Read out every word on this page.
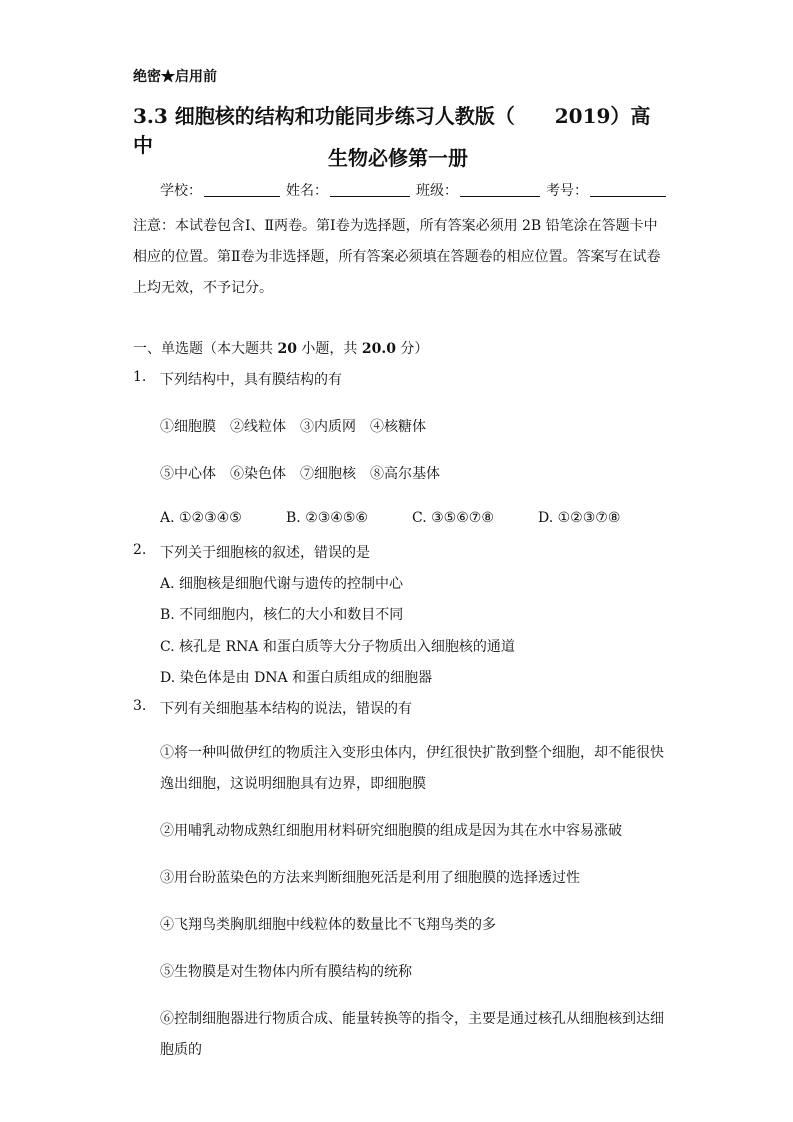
绝密★启用前
3.3 细胞核的结构和功能同步练习人教版（　　2019）高中
生物必修第一册
学校：	姓名：	班级：	考号：
注意：本试卷包含Ⅰ、Ⅱ两卷。第Ⅰ卷为选择题，所有答案必须用 2B 铅笔涂在答题卡中相应的位置。第Ⅱ卷为非选择题，所有答案必须填在答题卷的相应位置。答案写在试卷上均无效，不予记分。
一、单选题（本大题共 20 小题，共 20.0 分）
1. 下列结构中，具有膜结构的有
①细胞膜　②线粒体　③内质网　④核糖体
⑤中心体　⑥染色体　⑦细胞核　⑧高尔基体
A. ①②③④⑤	B. ②③④⑤⑥	C. ③⑤⑥⑦⑧	D. ①②③⑦⑧
2. 下列关于细胞核的叙述，错误的是
A. 细胞核是细胞代谢与遗传的控制中心
B. 不同细胞内，核仁的大小和数目不同
C. 核孔是 RNA 和蛋白质等大分子物质出入细胞核的通道
D. 染色体是由 DNA 和蛋白质组成的细胞器
3. 下列有关细胞基本结构的说法，错误的有
①将一种叫做伊红的物质注入变形虫体内，伊红很快扩散到整个细胞，却不能很快逸出细胞，这说明细胞具有边界，即细胞膜
②用哺乳动物成熟红细胞用材料研究细胞膜的组成是因为其在水中容易涨破
③用台盼蓝染色的方法来判断细胞死活是利用了细胞膜的选择透过性
④飞翔鸟类胸肌细胞中线粒体的数量比不飞翔鸟类的多
⑤生物膜是对生物体内所有膜结构的统称
⑥控制细胞器进行物质合成、能量转换等的指令，主要是通过核孔从细胞核到达细胞质的
